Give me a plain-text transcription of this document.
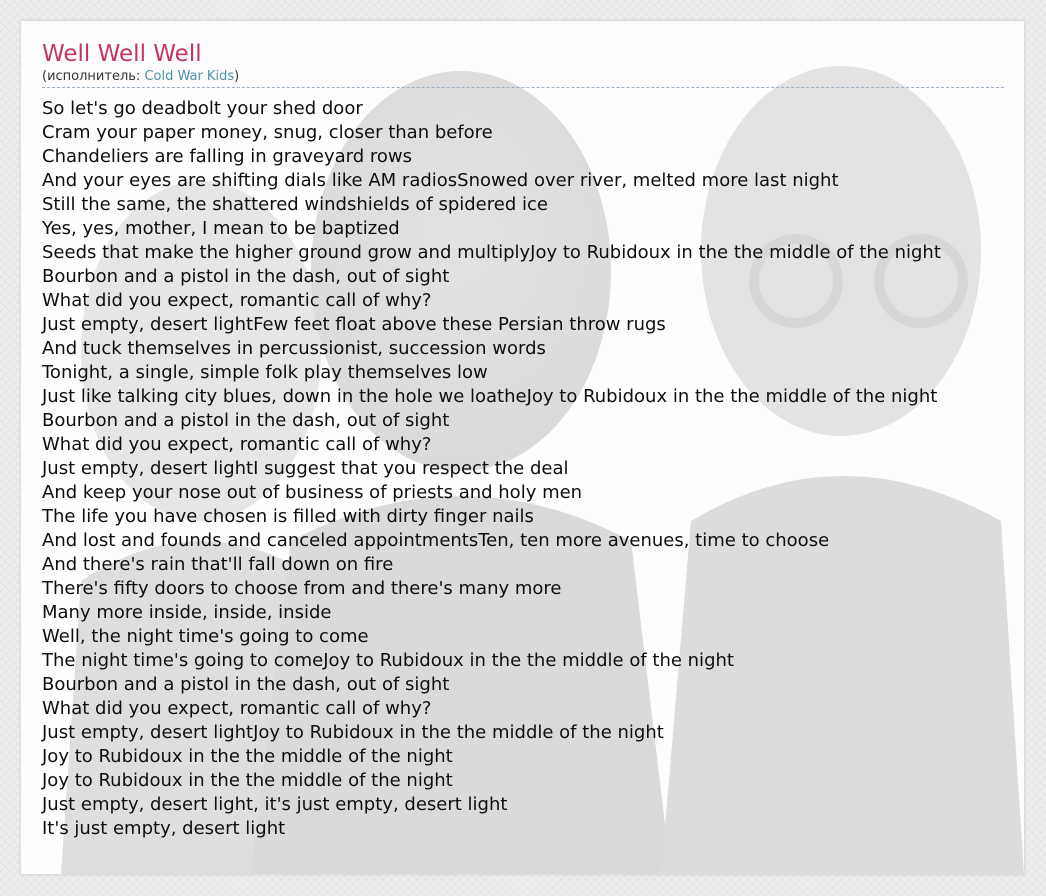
Well Well Well
(исполнитель: Cold War Kids)
So let's go deadbolt your shed door
Cram your paper money, snug, closer than before
Chandeliers are falling in graveyard rows
And your eyes are shifting dials like AM radiosSnowed over river, melted more last night
Still the same, the shattered windshields of spidered ice
Yes, yes, mother, I mean to be baptized
Seeds that make the higher ground grow and multiplyJoy to Rubidoux in the the middle of the night
Bourbon and a pistol in the dash, out of sight
What did you expect, romantic call of why?
Just empty, desert lightFew feet float above these Persian throw rugs
And tuck themselves in percussionist, succession words
Tonight, a single, simple folk play themselves low
Just like talking city blues, down in the hole we loatheJoy to Rubidoux in the the middle of the night
Bourbon and a pistol in the dash, out of sight
What did you expect, romantic call of why?
Just empty, desert lightI suggest that you respect the deal
And keep your nose out of business of priests and holy men
The life you have chosen is filled with dirty finger nails
And lost and founds and canceled appointmentsTen, ten more avenues, time to choose
And there's rain that'll fall down on fire
There's fifty doors to choose from and there's many more
Many more inside, inside, inside
Well, the night time's going to come
The night time's going to comeJoy to Rubidoux in the the middle of the night
Bourbon and a pistol in the dash, out of sight
What did you expect, romantic call of why?
Just empty, desert lightJoy to Rubidoux in the the middle of the night
Joy to Rubidoux in the the middle of the night
Joy to Rubidoux in the the middle of the night
Just empty, desert light, it's just empty, desert light
It's just empty, desert light
